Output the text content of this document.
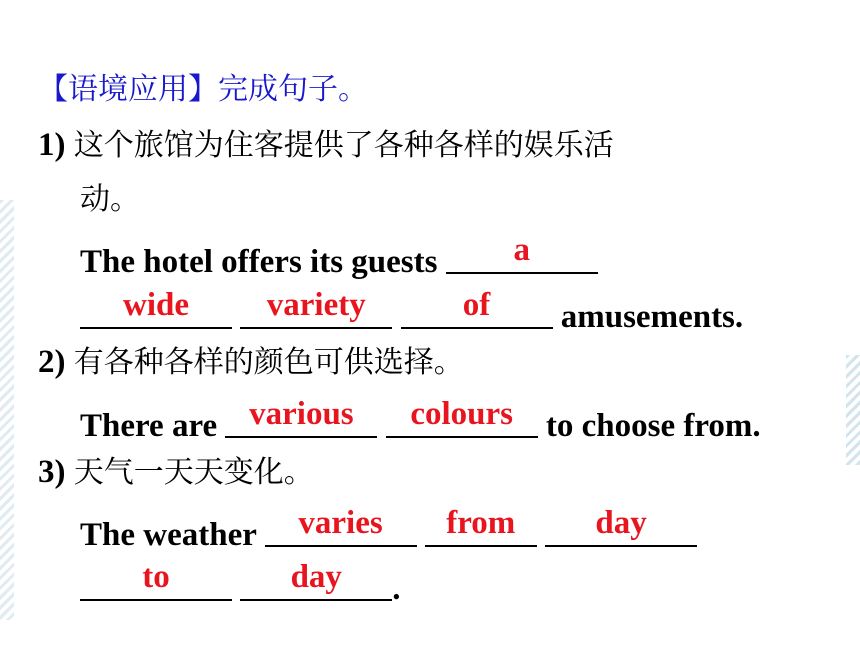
【语境应用】完成句子。
1) 这个旅馆为住客提供了各种各样的娱乐活
动。
The hotel offers its guests	a
wide
	variety
	of	amusements.
2) 有各种各样的颜色可供选择。
There are various
	colours to choose from.
3) 天气一天天变化。
The weather	varies
	from
	day
to
	day	.
